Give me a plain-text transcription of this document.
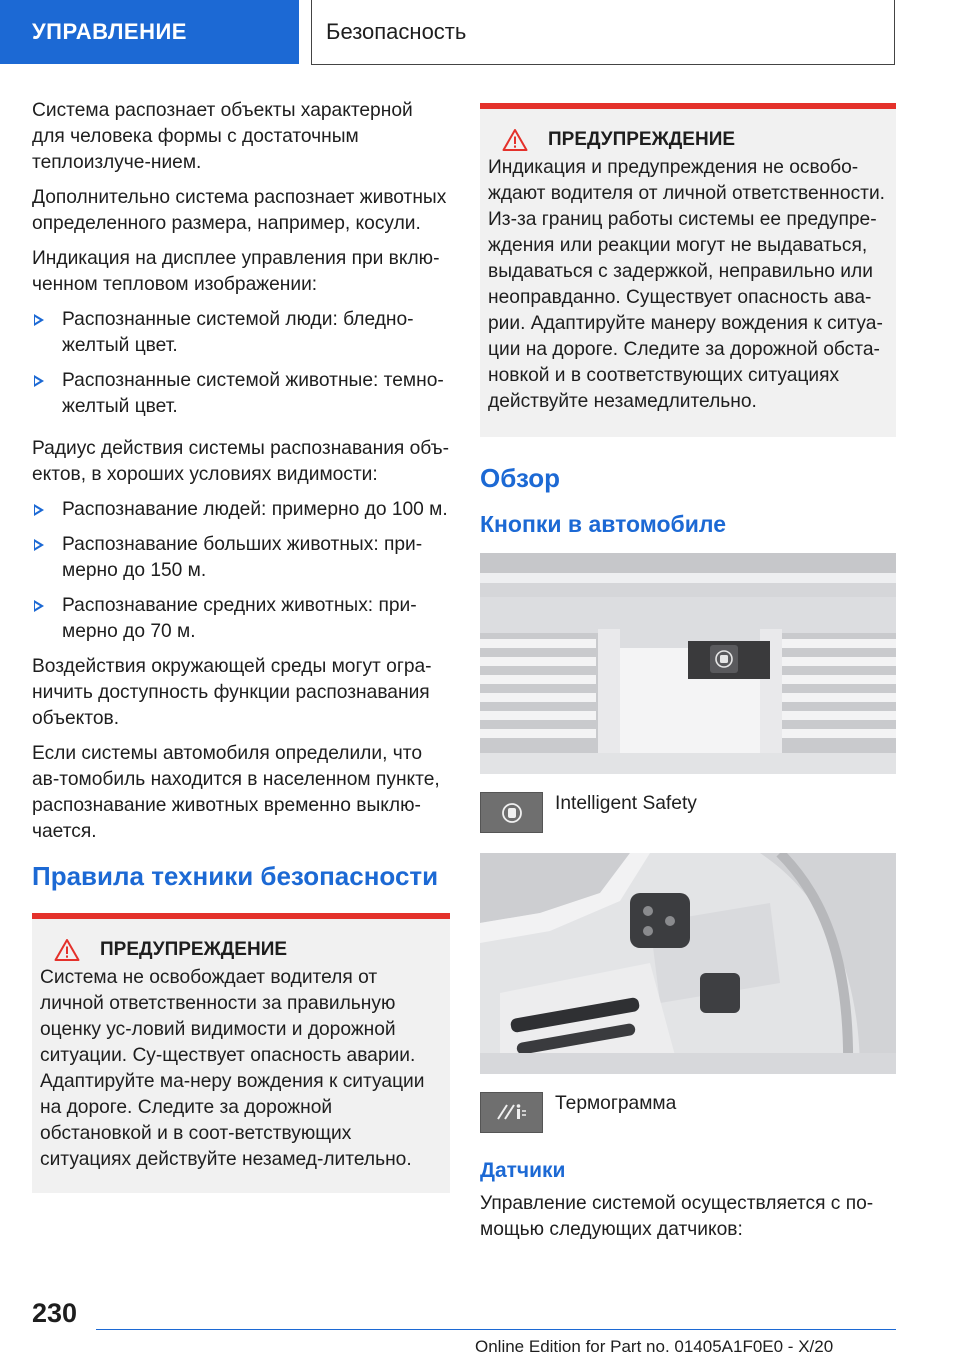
УПРАВЛЕНИЕ	Безопасность

Система распознает объекты характерной для человека формы с достаточным теплоизлуче-нием.

Дополнительно система распознает животных определенного размера, например, косули.

Индикация на дисплее управления при вклю-ченном тепловом изображении:

Распознанные системой люди: бледно-желтый цвет.
Распознанные системой животные: темно-желтый цвет.

Радиус действия системы распознавания объ-ектов, в хороших условиях видимости:

Распознавание людей: примерно до 100 м.
Распознавание больших животных: при-мерно до 150 м.
Распознавание средних животных: при-мерно до 70 м.

Воздействия окружающей среды могут огра-ничить доступность функции распознавания объектов.

Если системы автомобиля определили, что ав-томобиль находится в населенном пункте, распознавание животных временно выклю-чается.

Правила техники безопасности
ПРЕДУПРЕЖДЕНИЕ

Система не освобождает водителя от личной ответственности за правильную оценку ус-ловий видимости и дорожной ситуации. Су-ществует опасность аварии. Адаптируйте ма-неру вождения к ситуации на дороге. Следите за дорожной обстановкой и в соот-ветствующих ситуациях действуйте незамед-лительно.

ПРЕДУПРЕЖДЕНИЕ

Индикация и предупреждения не освобо-ждают водителя от личной ответственности. Из-за границ работы системы ее предупре-ждения или реакции могут не выдаваться, выдаваться с задержкой, неправильно или неоправданно. Существует опасность ава-рии. Адаптируйте манеру вождения к ситуа-ции на дороге. Следите за дорожной обста-новкой и в соответствующих ситуациях действуйте незамедлительно.

Обзор
Кнопки в автомобиле
Intelligent Safety
Термограмма
Датчики

Управление системой осуществляется с по-мощью следующих датчиков:

230
Online Edition for Part no. 01405A1F0E0 - X/20
